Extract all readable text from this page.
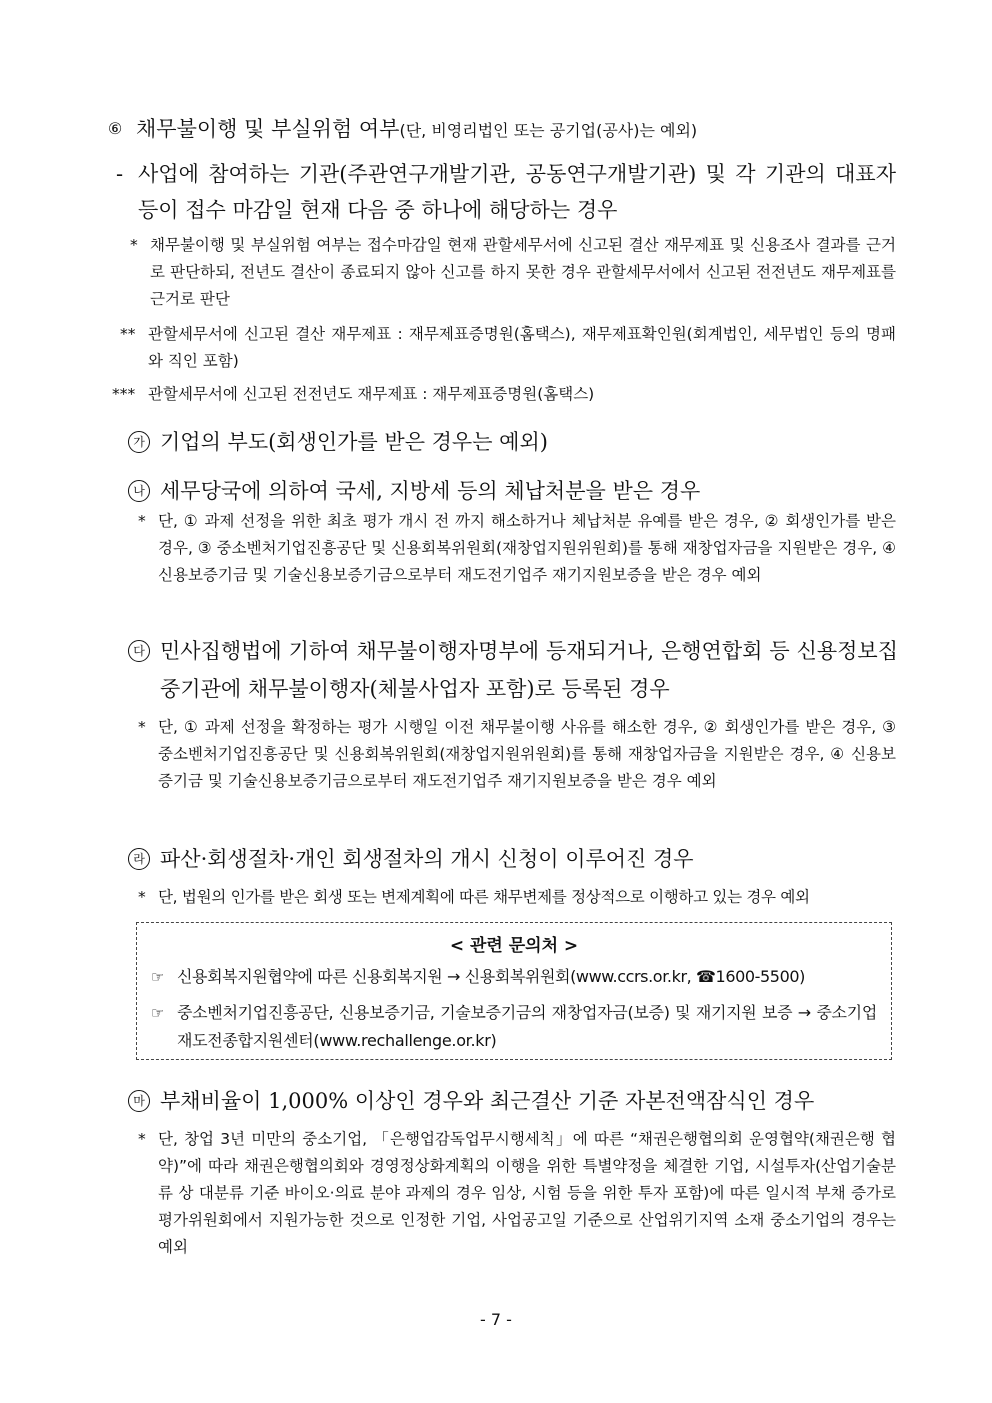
⑥ 채무불이행 및 부실위험 여부(단, 비영리법인 또는 공기업(공사)는 예외)
- 사업에 참여하는 기관(주관연구개발기관, 공동연구개발기관) 및 각 기관의 대표자 등이 접수 마감일 현재 다음 중 하나에 해당하는 경우
* 채무불이행 및 부실위험 여부는 접수마감일 현재 관할세무서에 신고된 결산 재무제표 및 신용조사 결과를 근거로 판단하되, 전년도 결산이 종료되지 않아 신고를 하지 못한 경우 관할세무서에서 신고된 전전년도 재무제표를 근거로 판단
** 관할세무서에 신고된 결산 재무제표 : 재무제표증명원(홈택스), 재무제표확인원(회계법인, 세무법인 등의 명패와 직인 포함)
*** 관할세무서에 신고된 전전년도 재무제표 : 재무제표증명원(홈택스)
가 기업의 부도(회생인가를 받은 경우는 예외)
나 세무당국에 의하여 국세, 지방세 등의 체납처분을 받은 경우
* 단, ① 과제 선정을 위한 최초 평가 개시 전 까지 해소하거나 체납처분 유예를 받은 경우, ② 회생인가를 받은 경우, ③ 중소벤처기업진흥공단 및 신용회복위원회(재창업지원위원회)를 통해 재창업자금을 지원받은 경우, ④ 신용보증기금 및 기술신용보증기금으로부터 재도전기업주 재기지원보증을 받은 경우 예외
다 민사집행법에 기하여 채무불이행자명부에 등재되거나, 은행연합회 등 신용정보집중기관에 채무불이행자(체불사업자 포함)로 등록된 경우
* 단, ① 과제 선정을 확정하는 평가 시행일 이전 채무불이행 사유를 해소한 경우, ② 회생인가를 받은 경우, ③ 중소벤처기업진흥공단 및 신용회복위원회(재창업지원위원회)를 통해 재창업자금을 지원받은 경우, ④ 신용보증기금 및 기술신용보증기금으로부터 재도전기업주 재기지원보증을 받은 경우 예외
라 파산·회생절차·개인 회생절차의 개시 신청이 이루어진 경우
* 단, 법원의 인가를 받은 회생 또는 변제계획에 따른 채무변제를 정상적으로 이행하고 있는 경우 예외
< 관련 문의처 >
☞ 신용회복지원협약에 따른 신용회복지원 → 신용회복위원회(www.ccrs.or.kr, ☎1600-5500)
☞ 중소벤처기업진흥공단, 신용보증기금, 기술보증기금의 재창업자금(보증) 및 재기지원 보증 → 중소기업 재도전종합지원센터(www.rechallenge.or.kr)
마 부채비율이 1,000% 이상인 경우와 최근결산 기준 자본전액잠식인 경우
* 단, 창업 3년 미만의 중소기업, 「은행업감독업무시행세칙」에 따른 “채권은행협의회 운영협약(채권은행 협약)”에 따라 채권은행협의회와 경영정상화계획의 이행을 위한 특별약정을 체결한 기업, 시설투자(산업기술분류 상 대분류 기준 바이오·의료 분야 과제의 경우 임상, 시험 등을 위한 투자 포함)에 따른 일시적 부채 증가로 평가위원회에서 지원가능한 것으로 인정한 기업, 사업공고일 기준으로 산업위기지역 소재 중소기업의 경우는 예외
- 7 -
